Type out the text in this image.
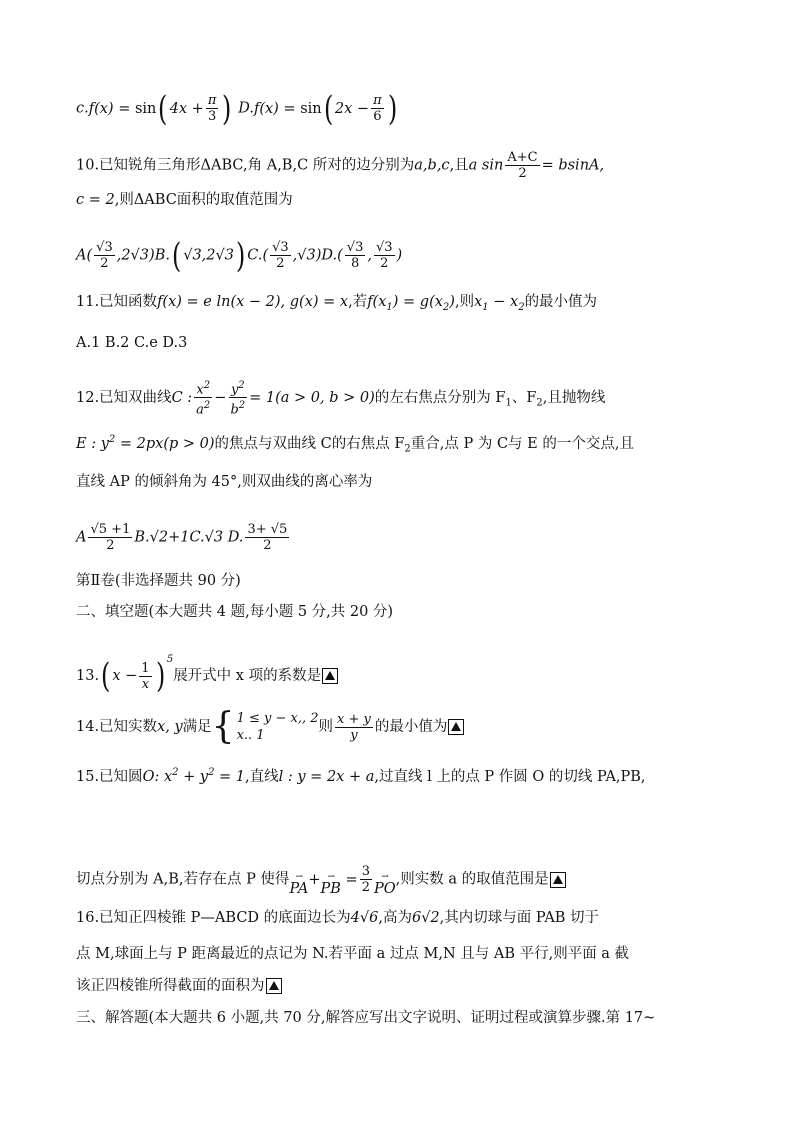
c.f(x) = sin( $4x + \frac{\pi}{3}$ ) D.f(x) = sin( $2x - \frac{\pi}{6}$ )
10.已知锐角三角形ΔABC,角 A,B,C 所对的边分别为a,b,c,且a $\sin \frac{A+C}{2} = bsinA$,
c = 2,则ΔABC面积的取值范围为
$A( \frac{√3}{2} ,2√3)B$.( √3,2√3) $C.( \frac{√3}{2} ,√3)D.( \frac{√3}{8}$ , $\frac{√3}{2}$ )
11.已知函数f(x) = e ln(x − 2), g(x) = x,若$f(x_1) = g(x_2)$,则$x_1 - x_2$的最小值为
A.1 B.2 C.e D.3
12.已知双曲线C : $\frac{x^2}{a^2} - \frac{y^2}{b^2} = 1(a > 0$, b > 0)的左右焦点分别为 $F_1$、$F_2$,且抛物线
E : $y^2 = 2px(p > 0)$的焦点与双曲线 C的右焦点 $F_2$重合,点 P 为 C与 E 的一个交点,且
直线 AP 的倾斜角为 45°,则双曲线的离心率为
A $\frac{√5 +1}{2} B.√2+1C.√3$ D. $\frac{3+ √5}{2}$
第Ⅱ卷(非选择题共 90 分)
二、填空题(本大题共 4 题,每小题 5 分,共 20 分)
13.( $x - \frac{1}{x}$ ) $^5$展开式中 x 项的系数是
14.已知实数x, y满足 { 1 ≤ y − x,, 2
x.. 1
则 $\frac{x + y}{y}$ 的最小值为
15.已知圆O: $x^2 + y^2 = 1$,直线l : y = 2x + a,过直线 l 上的点 P 作圆 O 的切线 PA,PB,
切点分别为 A,B,若存在点 P 使得 ⇀
PA
+ ⇀
PB
= $\frac{3}{2}$ ⇀
PO
,则实数 a 的取值范围是
16.已知正四棱锥 P—ABCD 的底面边长为4√6,高为6√2,其内切球与面 PAB 切于
点 M,球面上与 P 距离最近的点记为 N.若平面 a 过点 M,N 且与 AB 平行,则平面 a 截
该正四棱锥所得截面的面积为
三、解答题(本大题共 6 小题,共 70 分,解答应写出文字说明、证明过程或演算步骤.第 17~
